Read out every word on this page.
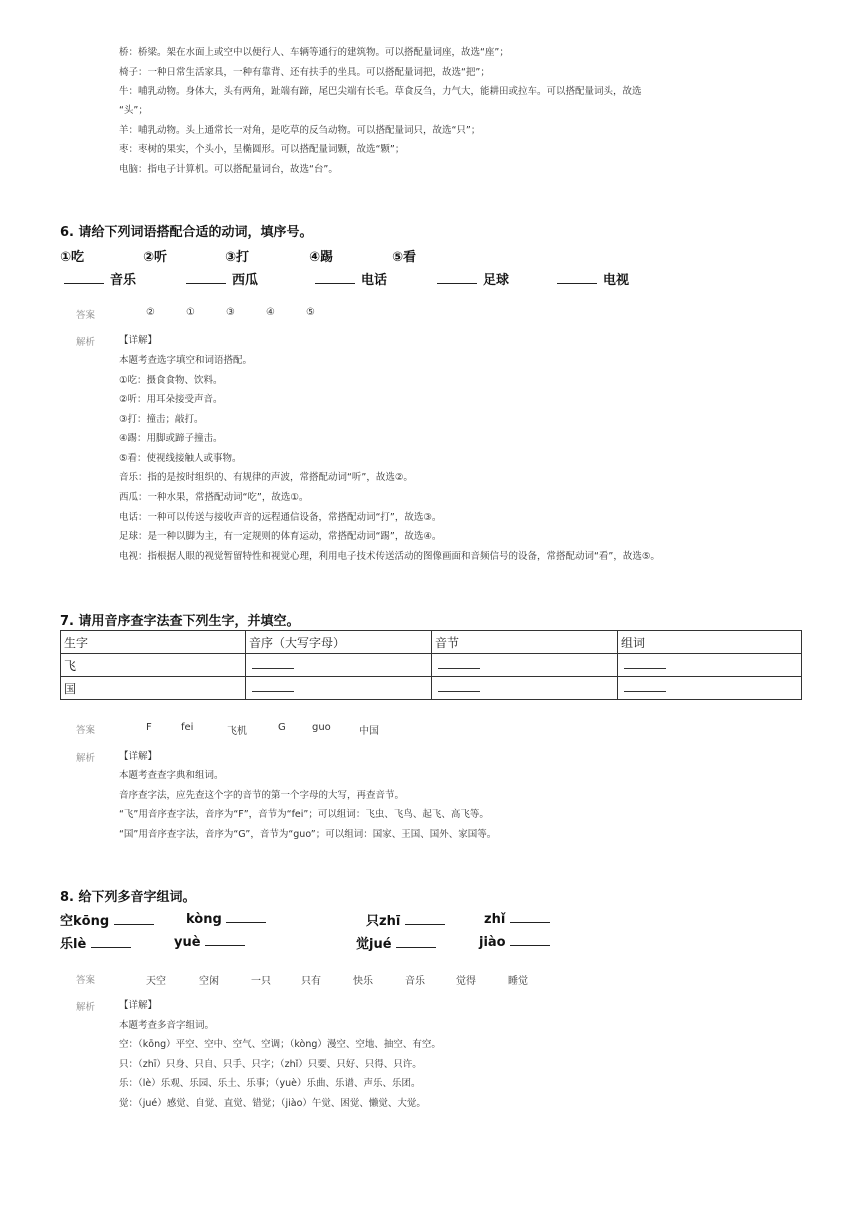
桥：桥梁。架在水面上或空中以便行人、车辆等通行的建筑物。可以搭配量词座，故选“座”；
椅子：一种日常生活家具，一种有靠背、还有扶手的坐具。可以搭配量词把，故选“把”；
牛：哺乳动物。身体大，头有两角，趾端有蹄，尾巴尖端有长毛。草食反刍，力气大，能耕田或拉车。可以搭配量词头，故选
“头”；
羊：哺乳动物。头上通常长一对角，是吃草的反刍动物。可以搭配量词只，故选“只”；
枣：枣树的果实，个头小，呈椭圆形。可以搭配量词颗，故选“颗”；
电脑：指电子计算机。可以搭配量词台，故选“台”。
6. 请给下列词语搭配合适的动词，填序号。
①吃	②听	③打	④踢	⑤看
音乐	西瓜	电话	足球	电视
答案	②	①	③	④	⑤
解析	【详解】
本题考查选字填空和词语搭配。
①吃：摄食食物、饮料。
②听：用耳朵接受声音。
③打：撞击；敲打。
④踢：用脚或蹄子撞击。
⑤看：使视线接触人或事物。
音乐：指的是按时组织的、有规律的声波，常搭配动词“听”，故选②。
西瓜：一种水果，常搭配动词“吃”，故选①。
电话：一种可以传送与接收声音的远程通信设备，常搭配动词“打”，故选③。
足球：是一种以脚为主，有一定规则的体育运动，常搭配动词“踢”，故选④。
电视：指根据人眼的视觉暂留特性和视觉心理，利用电子技术传送活动的图像画面和音频信号的设备，常搭配动词“看”，故选⑤。
7. 请用音序查字法查下列生字，并填空。
生字	音序（大写字母）	音节	组词
飞			
国			
答案	F	fei	飞机	G	guo	中国
解析	【详解】
本题考查查字典和组词。
音序查字法，应先查这个字的音节的第一个字母的大写，再查音节。
“飞”用音序查字法，音序为“F”，音节为“fei”；可以组词：飞虫、飞鸟、起飞、高飞等。
“国”用音序查字法，音序为“G”，音节为“guo”；可以组词：国家、王国、国外、家国等。
8. 给下列多音字组词。
空kōng	kòng	只zhī	zhǐ
乐lè	yuè	觉jué	jiào
答案	天空	空闲	一只	只有	快乐	音乐	觉得	睡觉
解析	【详解】
本题考查多音字组词。
空：（kōng）平空、空中、空气、空调；（kòng）漫空、空地、抽空、有空。
只：（zhī）只身、只自、只手、只字；（zhǐ）只要、只好、只得、只许。
乐：（lè）乐观、乐园、乐土、乐事；（yuè）乐曲、乐谱、声乐、乐团。
觉：（jué）感觉、自觉、直觉、错觉；（jiào）午觉、困觉、懒觉、大觉。
